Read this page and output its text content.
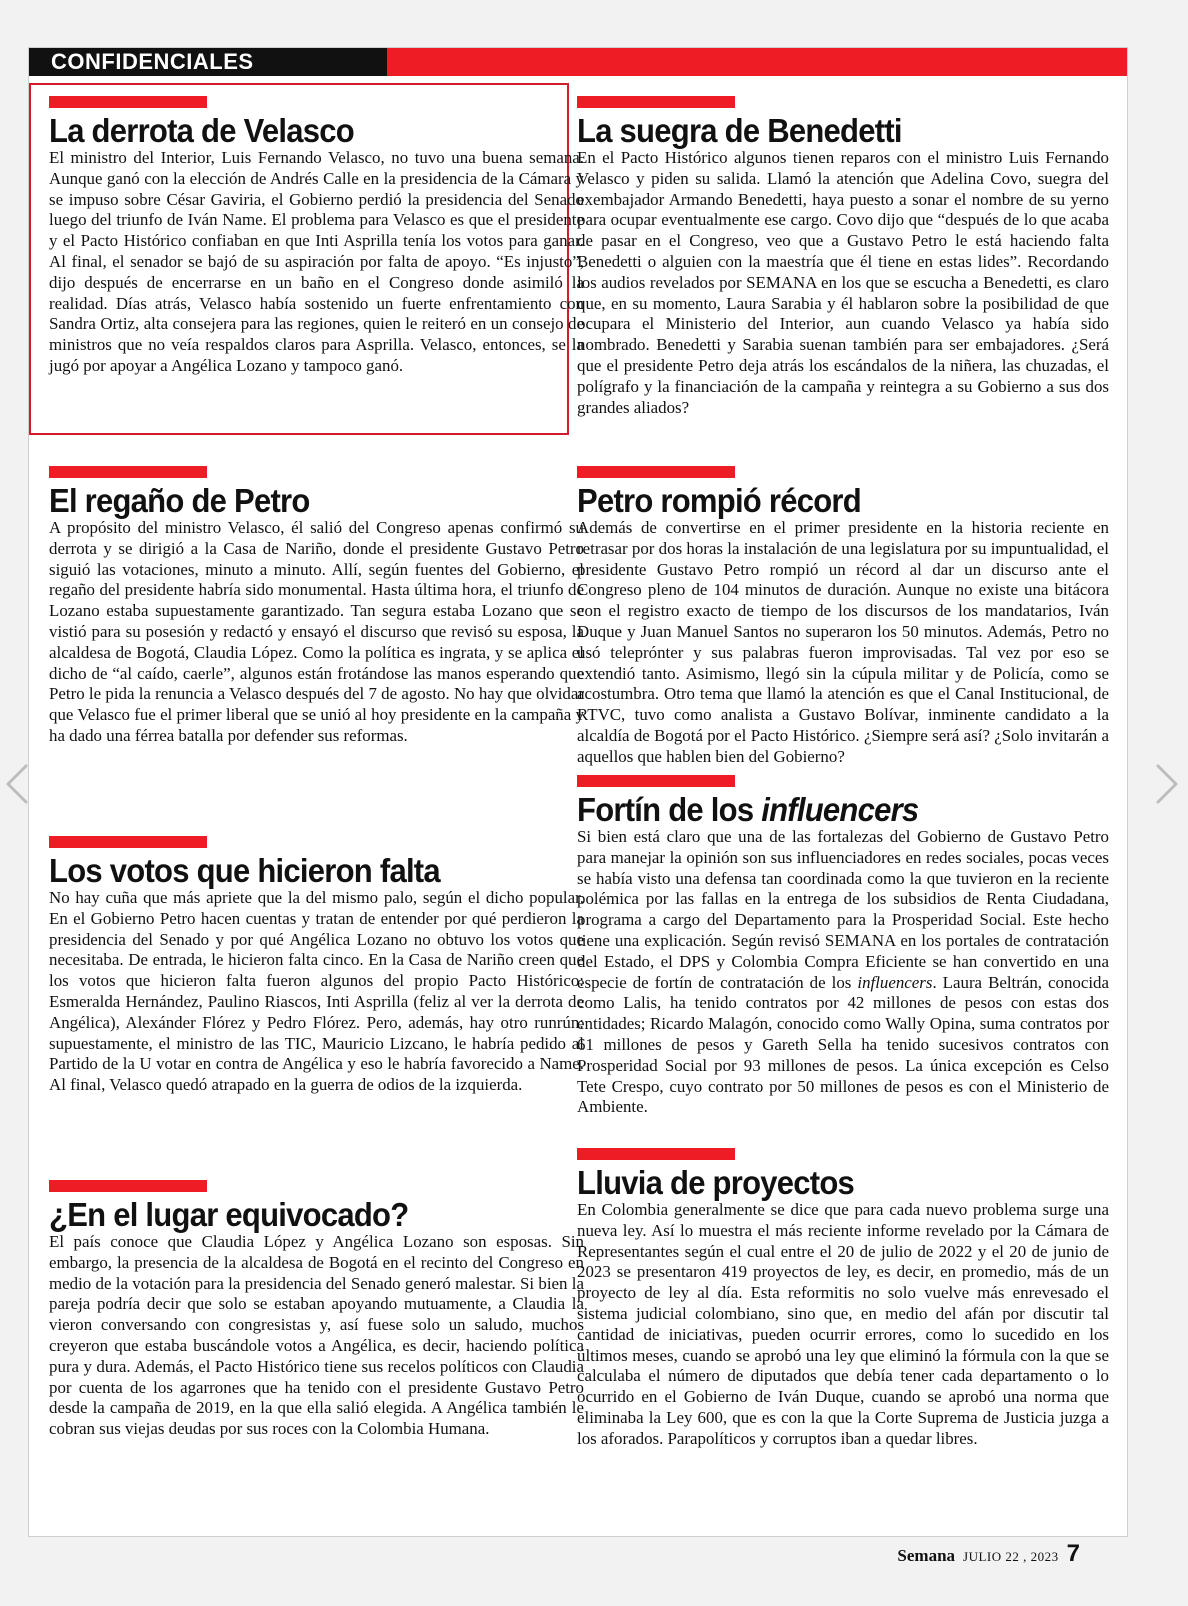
CONFIDENCIALES
La derrota de Velasco

El ministro del Interior, Luis Fernando Velasco, no tuvo una buena semana. Aunque ganó con la elección de Andrés Calle en la presidencia de la Cámara y se impuso sobre César Gaviria, el Gobierno perdió la presidencia del Senado luego del triunfo de Iván Name. El problema para Velasco es que el presidente y el Pacto Histórico confiaban en que Inti Asprilla tenía los votos para ganar. Al final, el senador se bajó de su aspiración por falta de apoyo. “Es injusto”, dijo después de encerrarse en un baño en el Congreso donde asimiló la realidad. Días atrás, Velasco había sostenido un fuerte enfrentamiento con Sandra Ortiz, alta consejera para las regiones, quien le reiteró en un consejo de ministros que no veía respaldos claros para Asprilla. Velasco, entonces, se la jugó por apoyar a Angélica Lozano y tampoco ganó.

El regaño de Petro

A propósito del ministro Velasco, él salió del Congreso apenas confirmó su derrota y se dirigió a la Casa de Nariño, donde el presidente Gustavo Petro siguió las votaciones, minuto a minuto. Allí, según fuentes del Gobierno, el regaño del presidente habría sido monumental. Hasta última hora, el triunfo de Lozano estaba supuestamente garantizado. Tan segura estaba Lozano que se vistió para su posesión y redactó y ensayó el discurso que revisó su esposa, la alcaldesa de Bogotá, Claudia López. Como la política es ingrata, y se aplica el dicho de “al caído, caerle”, algunos están frotándose las manos esperando que Petro le pida la renuncia a Velasco después del 7 de agosto. No hay que olvidar que Velasco fue el primer liberal que se unió al hoy presidente en la campaña y ha dado una férrea batalla por defender sus reformas.

Los votos que hicieron falta

No hay cuña que más apriete que la del mismo palo, según el dicho popular. En el Gobierno Petro hacen cuentas y tratan de entender por qué perdieron la presidencia del Senado y por qué Angélica Lozano no obtuvo los votos que necesitaba. De entrada, le hicieron falta cinco. En la Casa de Nariño creen que los votos que hicieron falta fueron algunos del propio Pacto Histórico: Esmeralda Hernández, Paulino Riascos, Inti Asprilla (feliz al ver la derrota de Angélica), Alexánder Flórez y Pedro Flórez. Pero, además, hay otro runrún: supuestamente, el ministro de las TIC, Mauricio Lizcano, le habría pedido al Partido de la U votar en contra de Angélica y eso le habría favorecido a Name. Al final, Velasco quedó atrapado en la guerra de odios de la izquierda.

¿En el lugar equivocado?

El país conoce que Claudia López y Angélica Lozano son esposas. Sin embargo, la presencia de la alcaldesa de Bogotá en el recinto del Congreso en medio de la votación para la presidencia del Senado generó malestar. Si bien la pareja podría decir que solo se estaban apoyando mutuamente, a Claudia la vieron conversando con congresistas y, así fuese solo un saludo, muchos creyeron que estaba buscándole votos a Angélica, es decir, haciendo política pura y dura. Además, el Pacto Histórico tiene sus recelos políticos con Claudia por cuenta de los agarrones que ha tenido con el presidente Gustavo Petro desde la campaña de 2019, en la que ella salió elegida. A Angélica también le cobran sus viejas deudas por sus roces con la Colombia Humana.

La suegra de Benedetti

En el Pacto Histórico algunos tienen reparos con el ministro Luis Fernando Velasco y piden su salida. Llamó la atención que Adelina Covo, suegra del exembajador Armando Benedetti, haya puesto a sonar el nombre de su yerno para ocupar eventualmente ese cargo. Covo dijo que “después de lo que acaba de pasar en el Congreso, veo que a Gustavo Petro le está haciendo falta Benedetti o alguien con la maestría que él tiene en estas lides”. Recordando los audios revelados por SEMANA en los que se escucha a Benedetti, es claro que, en su momento, Laura Sarabia y él hablaron sobre la posibilidad de que ocupara el Ministerio del Interior, aun cuando Velasco ya había sido nombrado. Benedetti y Sarabia suenan también para ser embajadores. ¿Será que el presidente Petro deja atrás los escándalos de la niñera, las chuzadas, el polígrafo y la financiación de la campaña y reintegra a su Gobierno a sus dos grandes aliados?

Petro rompió récord

Además de convertirse en el primer presidente en la historia reciente en retrasar por dos horas la instalación de una legislatura por su impuntualidad, el presidente Gustavo Petro rompió un récord al dar un discurso ante el Congreso pleno de 104 minutos de duración. Aunque no existe una bitácora con el registro exacto de tiempo de los discursos de los mandatarios, Iván Duque y Juan Manuel Santos no superaron los 50 minutos. Además, Petro no usó teleprónter y sus palabras fueron improvisadas. Tal vez por eso se extendió tanto. Asimismo, llegó sin la cúpula militar y de Policía, como se acostumbra. Otro tema que llamó la atención es que el Canal Institucional, de RTVC, tuvo como analista a Gustavo Bolívar, inminente candidato a la alcaldía de Bogotá por el Pacto Histórico. ¿Siempre será así? ¿Solo invitarán a aquellos que hablen bien del Gobierno?

Fortín de los influencers

Si bien está claro que una de las fortalezas del Gobierno de Gustavo Petro para manejar la opinión son sus influenciadores en redes sociales, pocas veces se había visto una defensa tan coordinada como la que tuvieron en la reciente polémica por las fallas en la entrega de los subsidios de Renta Ciudadana, programa a cargo del Departamento para la Prosperidad Social. Este hecho tiene una explicación. Según revisó SEMANA en los portales de contratación del Estado, el DPS y Colombia Compra Eficiente se han convertido en una especie de fortín de contratación de los influencers. Laura Beltrán, conocida como Lalis, ha tenido contratos por 42 millones de pesos con estas dos entidades; Ricardo Malagón, conocido como Wally Opina, suma contratos por 61 millones de pesos y Gareth Sella ha tenido sucesivos contratos con Prosperidad Social por 93 millones de pesos. La única excepción es Celso Tete Crespo, cuyo contrato por 50 millones de pesos es con el Ministerio de Ambiente.

Lluvia de proyectos

En Colombia generalmente se dice que para cada nuevo problema surge una nueva ley. Así lo muestra el más reciente informe revelado por la Cámara de Representantes según el cual entre el 20 de julio de 2022 y el 20 de junio de 2023 se presentaron 419 proyectos de ley, es decir, en promedio, más de un proyecto de ley al día. Esta reformitis no solo vuelve más enrevesado el sistema judicial colombiano, sino que, en medio del afán por discutir tal cantidad de iniciativas, pueden ocurrir errores, como lo sucedido en los últimos meses, cuando se aprobó una ley que eliminó la fórmula con la que se calculaba el número de diputados que debía tener cada departamento o lo ocurrido en el Gobierno de Iván Duque, cuando se aprobó una norma que eliminaba la Ley 600, que es con la que la Corte Suprema de Justicia juzga a los aforados. Parapolíticos y corruptos iban a quedar libres.

Semana JULIO 22 , 2023 7
